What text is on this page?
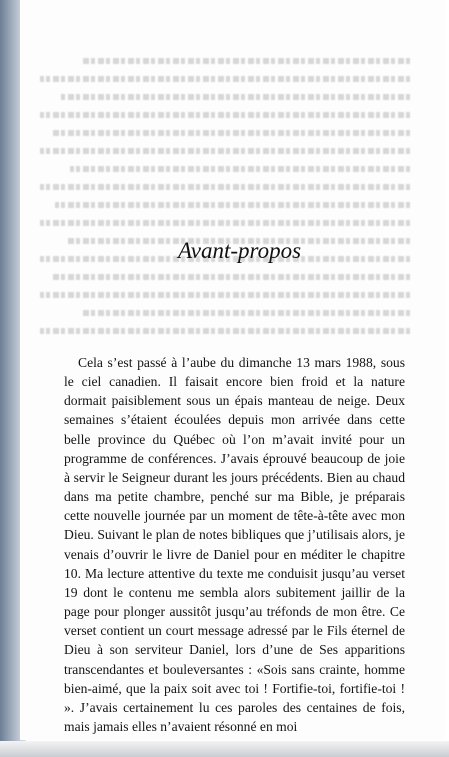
Avant-propos

Cela s’est passé à l’aube du dimanche 13 mars 1988, sous le ciel canadien. Il faisait encore bien froid et la nature dormait paisiblement sous un épais manteau de neige. Deux semaines s’étaient écoulées depuis mon arrivée dans cette belle province du Québec où l’on m’avait invité pour un programme de conférences. J’avais éprouvé beaucoup de joie à servir le Seigneur durant les jours précédents. Bien au chaud dans ma petite chambre, penché sur ma Bible, je préparais cette nouvelle journée par un moment de tête-à-tête avec mon Dieu. Suivant le plan de notes bibliques que j’utilisais alors, je venais d’ouvrir le livre de Daniel pour en méditer le chapitre 10. Ma lecture attentive du texte me conduisit jusqu’au verset 19 dont le contenu me sembla alors subitement jaillir de la page pour plonger aussitôt jusqu’au tréfonds de mon être. Ce verset contient un court message adressé par le Fils éternel de Dieu à son serviteur Daniel, lors d’une de Ses apparitions transcendantes et bouleversantes : «Sois sans crainte, homme bien-aimé, que la paix soit avec toi ! Fortifie-toi, fortifie-toi ! ». J’avais certainement lu ces paroles des centaines de fois, mais jamais elles n’avaient résonné en moi
